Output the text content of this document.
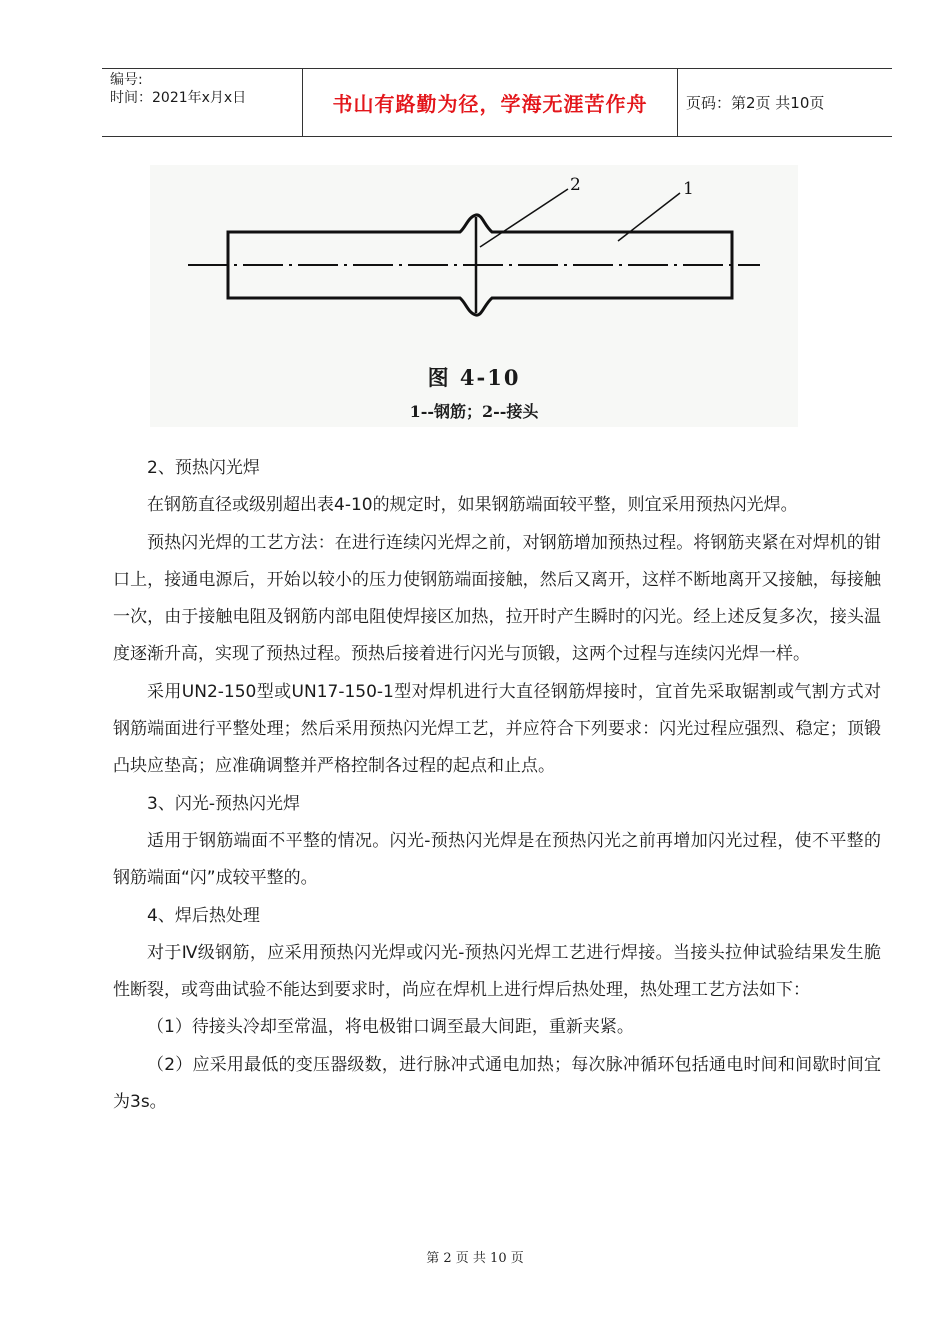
编号:
时间：2021年x月x日	书山有路勤为径，学海无涯苦作舟	页码：第2页 共10页
2	1
图 4-10
1--钢筋；2--接头

2、预热闪光焊

在钢筋直径或级别超出表4-10的规定时，如果钢筋端面较平整，则宜采用预热闪光焊。

预热闪光焊的工艺方法：在进行连续闪光焊之前，对钢筋增加预热过程。将钢筋夹紧在对焊机的钳口上，接通电源后，开始以较小的压力使钢筋端面接触，然后又离开，这样不断地离开又接触，每接触一次，由于接触电阻及钢筋内部电阻使焊接区加热，拉开时产生瞬时的闪光。经上述反复多次，接头温度逐渐升高，实现了预热过程。预热后接着进行闪光与顶锻，这两个过程与连续闪光焊一样。

采用UN2-150型或UN17-150-1型对焊机进行大直径钢筋焊接时，宜首先采取锯割或气割方式对钢筋端面进行平整处理；然后采用预热闪光焊工艺，并应符合下列要求：闪光过程应强烈、稳定；顶锻凸块应垫高；应准确调整并严格控制各过程的起点和止点。

3、闪光-预热闪光焊

适用于钢筋端面不平整的情况。闪光-预热闪光焊是在预热闪光之前再增加闪光过程，使不平整的钢筋端面“闪”成较平整的。

4、焊后热处理

对于Ⅳ级钢筋，应采用预热闪光焊或闪光-预热闪光焊工艺进行焊接。当接头拉伸试验结果发生脆性断裂，或弯曲试验不能达到要求时，尚应在焊机上进行焊后热处理，热处理工艺方法如下：

（1）待接头冷却至常温，将电极钳口调至最大间距，重新夹紧。

（2）应采用最低的变压器级数，进行脉冲式通电加热；每次脉冲循环包括通电时间和间歇时间宜为3s。

第 2 页 共 10 页
